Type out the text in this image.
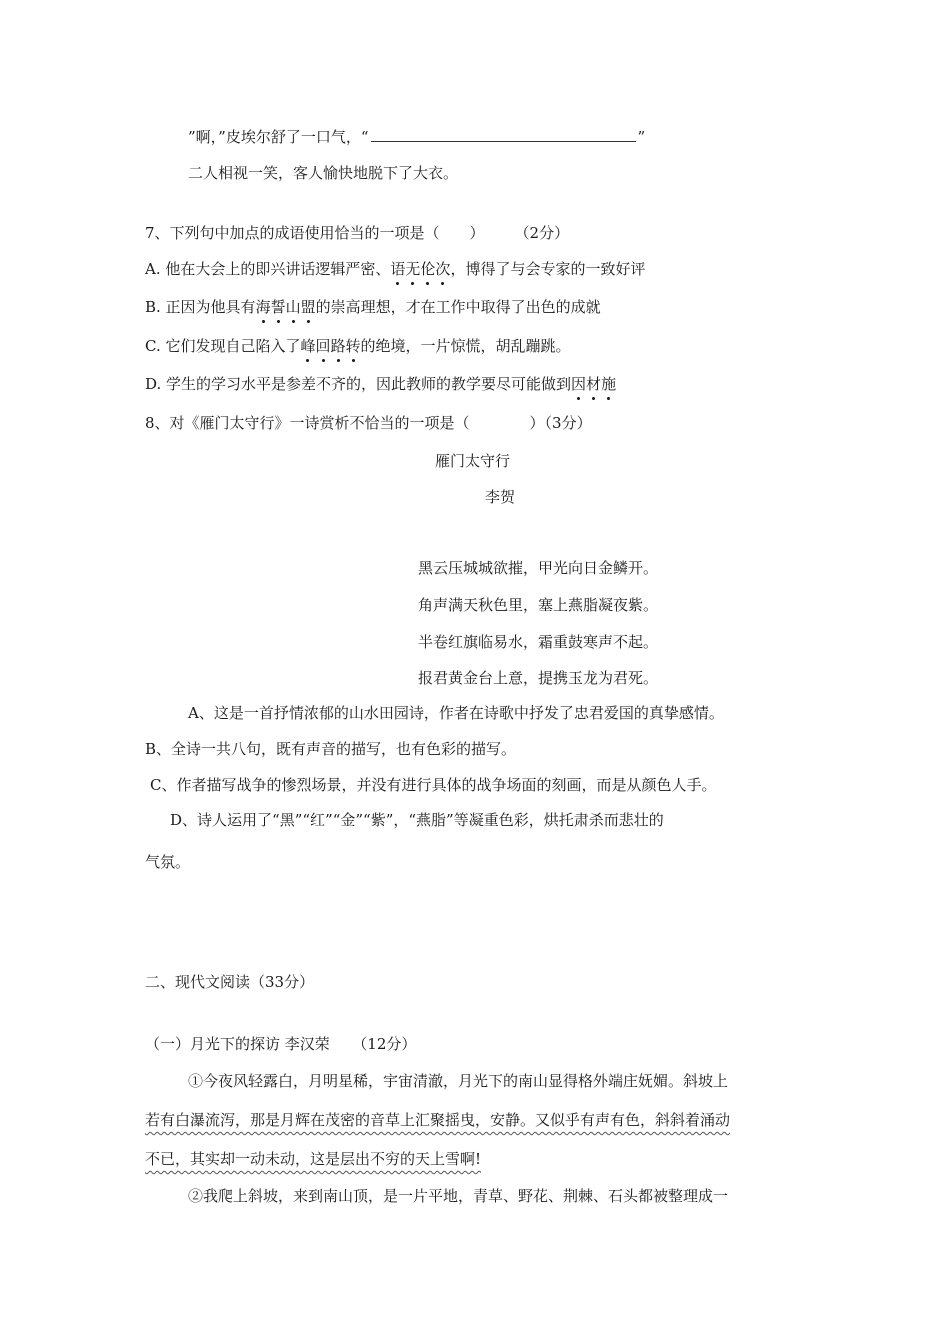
”啊，”皮埃尔舒了一口气，“	”
二人相视一笑，客人愉快地脱下了大衣。
7、下列句中加点的成语使用恰当的一项是（　　）　　　（2分）
A. 他在大会上的即兴讲话逻辑严密、语无伦次，博得了与会专家的一致好评
B. 正因为他具有海誓山盟的崇高理想，才在工作中取得了出色的成就
C. 它们发现自己陷入了峰回路转的绝境，一片惊慌，胡乱蹦跳。
D. 学生的学习水平是参差不齐的，因此教师的教学要尽可能做到因材施
8、对《雁门太守行》一诗赏析不恰当的一项是（　　　　）（3分）
雁门太守行
李贺
黑云压城城欲摧，甲光向日金鳞开。
角声满天秋色里，塞上燕脂凝夜紫。
半卷红旗临易水，霜重鼓寒声不起。
报君黄金台上意，提携玉龙为君死。
A、这是一首抒情浓郁的山水田园诗，作者在诗歌中抒发了忠君爱国的真挚感情。
B、全诗一共八句，既有声音的描写，也有色彩的描写。
C、作者描写战争的惨烈场景，并没有进行具体的战争场面的刻画，而是从颜色人手。
D、诗人运用了“黑”“红”“金”“紫”，“燕脂”等凝重色彩，烘托肃杀而悲壮的
气氛。
二、现代文阅读（33分）
（一）月光下的探访 李汉荣　　（12分）
①今夜风轻露白，月明星稀，宇宙清澈，月光下的南山显得格外端庄妩媚。斜坡上
若有白瀑流泻，那是月辉在茂密的音草上汇聚摇曳，安静。又似乎有声有色，斜斜着涌动
不已，其实却一动未动，这是层出不穷的天上雪啊!
②我爬上斜坡，来到南山顶，是一片平地，青草、野花、荆棘、石头都被整理成一
